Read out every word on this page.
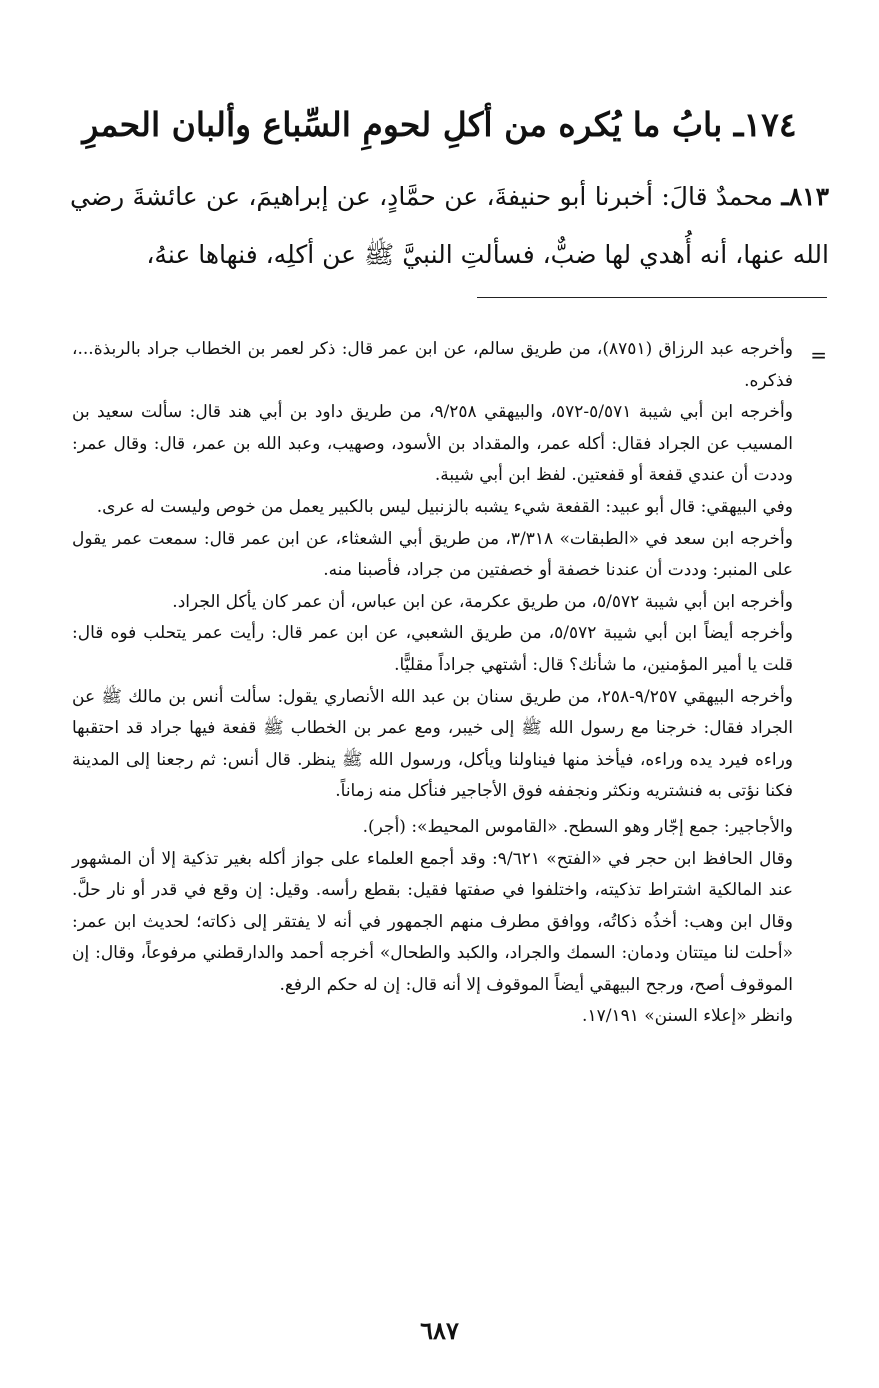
١٧٤ـ بابُ ما يُكره من أكلِ لحومِ السِّباع وألبان الحمرِ
٨١٣ـ محمدٌ قالَ: أخبرنا أبو حنيفةَ، عن حمَّادٍ، عن إبراهيمَ، عن عائشةَ رضي الله عنها، أنه أُهدي لها ضبٌّ، فسألتِ النبيَّ ﷺ عن أكلِه، فنهاها عنهُ،
=

وأخرجه عبد الرزاق (٨٧٥١)، من طريق سالم، عن ابن عمر قال: ذكر لعمر بن الخطاب جراد بالربذة...، فذكره.

وأخرجه ابن أبي شيبة ٥/٥٧١-٥٧٢، والبيهقي ٩/٢٥٨، من طريق داود بن أبي هند قال: سألت سعيد بن المسيب عن الجراد فقال: أكله عمر، والمقداد بن الأسود، وصهيب، وعبد الله بن عمر، قال: وقال عمر: وددت أن عندي قفعة أو قفعتين. لفظ ابن أبي شيبة.

وفي البيهقي: قال أبو عبيد: القفعة شيء يشبه بالزنبيل ليس بالكبير يعمل من خوص وليست له عرى.

وأخرجه ابن سعد في «الطبقات» ٣/٣١٨، من طريق أبي الشعثاء، عن ابن عمر قال: سمعت عمر يقول على المنبر: وددت أن عندنا خصفة أو خصفتين من جراد، فأصبنا منه.

وأخرجه ابن أبي شيبة ٥/٥٧٢، من طريق عكرمة، عن ابن عباس، أن عمر كان يأكل الجراد.

وأخرجه أيضاً ابن أبي شيبة ٥/٥٧٢، من طريق الشعبي، عن ابن عمر قال: رأيت عمر يتحلب فوه قال: قلت يا أمير المؤمنين، ما شأنك؟ قال: أشتهي جراداً مقليًّا.

وأخرجه البيهقي ٩/٢٥٧-٢٥٨، من طريق سنان بن عبد الله الأنصاري يقول: سألت أنس بن مالك ﷺ عن الجراد فقال: خرجنا مع رسول الله ﷺ إلى خيبر، ومع عمر بن الخطاب ﷺ قفعة فيها جراد قد احتقبها وراءه فيرد يده وراءه، فيأخذ منها فيناولنا ويأكل، ورسول الله ﷺ ينظر. قال أنس: ثم رجعنا إلى المدينة فكنا نؤتى به فنشتريه ونكثر ونجففه فوق الأجاجير فنأكل منه زماناً.

والأجاجير: جمع إجّار وهو السطح. «القاموس المحيط»: (أجر).

وقال الحافظ ابن حجر في «الفتح» ٩/٦٢١: وقد أجمع العلماء على جواز أكله بغير تذكية إلا أن المشهور عند المالكية اشتراط تذكيته، واختلفوا في صفتها فقيل: بقطع رأسه. وقيل: إن وقع في قدر أو نار حلَّ. وقال ابن وهب: أخذُه ذكاتُه، ووافق مطرف منهم الجمهور في أنه لا يفتقر إلى ذكاته؛ لحديث ابن عمر: «أحلت لنا ميتتان ودمان: السمك والجراد، والكبد والطحال» أخرجه أحمد والدارقطني مرفوعاً، وقال: إن الموقوف أصح، ورجح البيهقي أيضاً الموقوف إلا أنه قال: إن له حكم الرفع.

وانظر «إعلاء السنن» ١٧/١٩١.

٦٨٧
